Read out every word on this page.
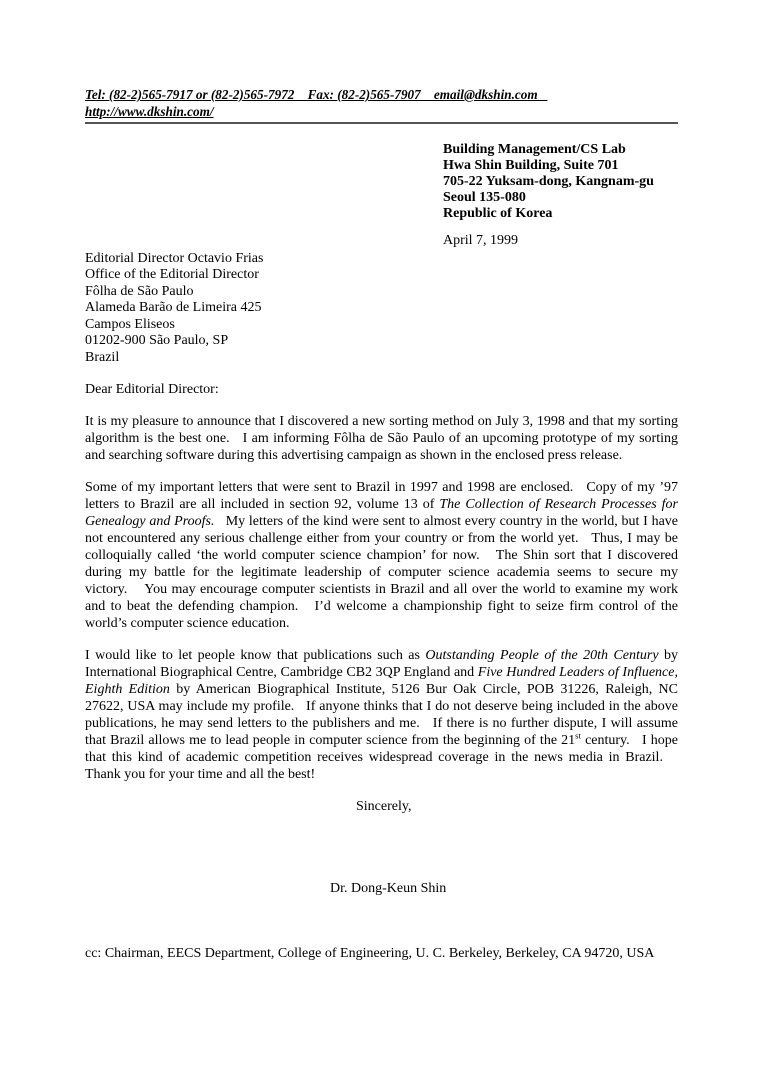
Tel: (82-2)565-7917 or (82-2)565-7972    Fax: (82-2)565-7907    email@dkshin.com    http://www.dkshin.com/
Building Management/CS Lab
Hwa Shin Building, Suite 701
705-22 Yuksam-dong, Kangnam-gu
Seoul 135-080
Republic of Korea
April 7, 1999
Editorial Director Octavio Frias
Office of the Editorial Director
Fôlha de São Paulo
Alameda Barão de Limeira 425
Campos Eliseos
01202-900 São Paulo, SP
Brazil
Dear Editorial Director:
It is my pleasure to announce that I discovered a new sorting method on July 3, 1998 and that my sorting algorithm is the best one.   I am informing Fôlha de São Paulo of an upcoming prototype of my sorting and searching software during this advertising campaign as shown in the enclosed press release.
Some of my important letters that were sent to Brazil in 1997 and 1998 are enclosed.   Copy of my ’97 letters to Brazil are all included in section 92, volume 13 of The Collection of Research Processes for Genealogy and Proofs.   My letters of the kind were sent to almost every country in the world, but I have not encountered any serious challenge either from your country or from the world yet.   Thus, I may be colloquially called ‘the world computer science champion’ for now.   The Shin sort that I discovered during my battle for the legitimate leadership of computer science academia seems to secure my victory.    You may encourage computer scientists in Brazil and all over the world to examine my work and to beat the defending champion.   I’d welcome a championship fight to seize firm control of the world’s computer science education.
I would like to let people know that publications such as Outstanding People of the 20th Century by International Biographical Centre, Cambridge CB2 3QP England and Five Hundred Leaders of Influence, Eighth Edition by American Biographical Institute, 5126 Bur Oak Circle, POB 31226, Raleigh, NC 27622, USA may include my profile.   If anyone thinks that I do not deserve being included in the above publications, he may send letters to the publishers and me.   If there is no further dispute, I will assume that Brazil allows me to lead people in computer science from the beginning of the 21st century.   I hope that this kind of academic competition receives widespread coverage in the news media in Brazil.    Thank you for your time and all the best!
Sincerely,
Dr. Dong-Keun Shin
cc: Chairman, EECS Department, College of Engineering, U. C. Berkeley, Berkeley, CA 94720, USA
